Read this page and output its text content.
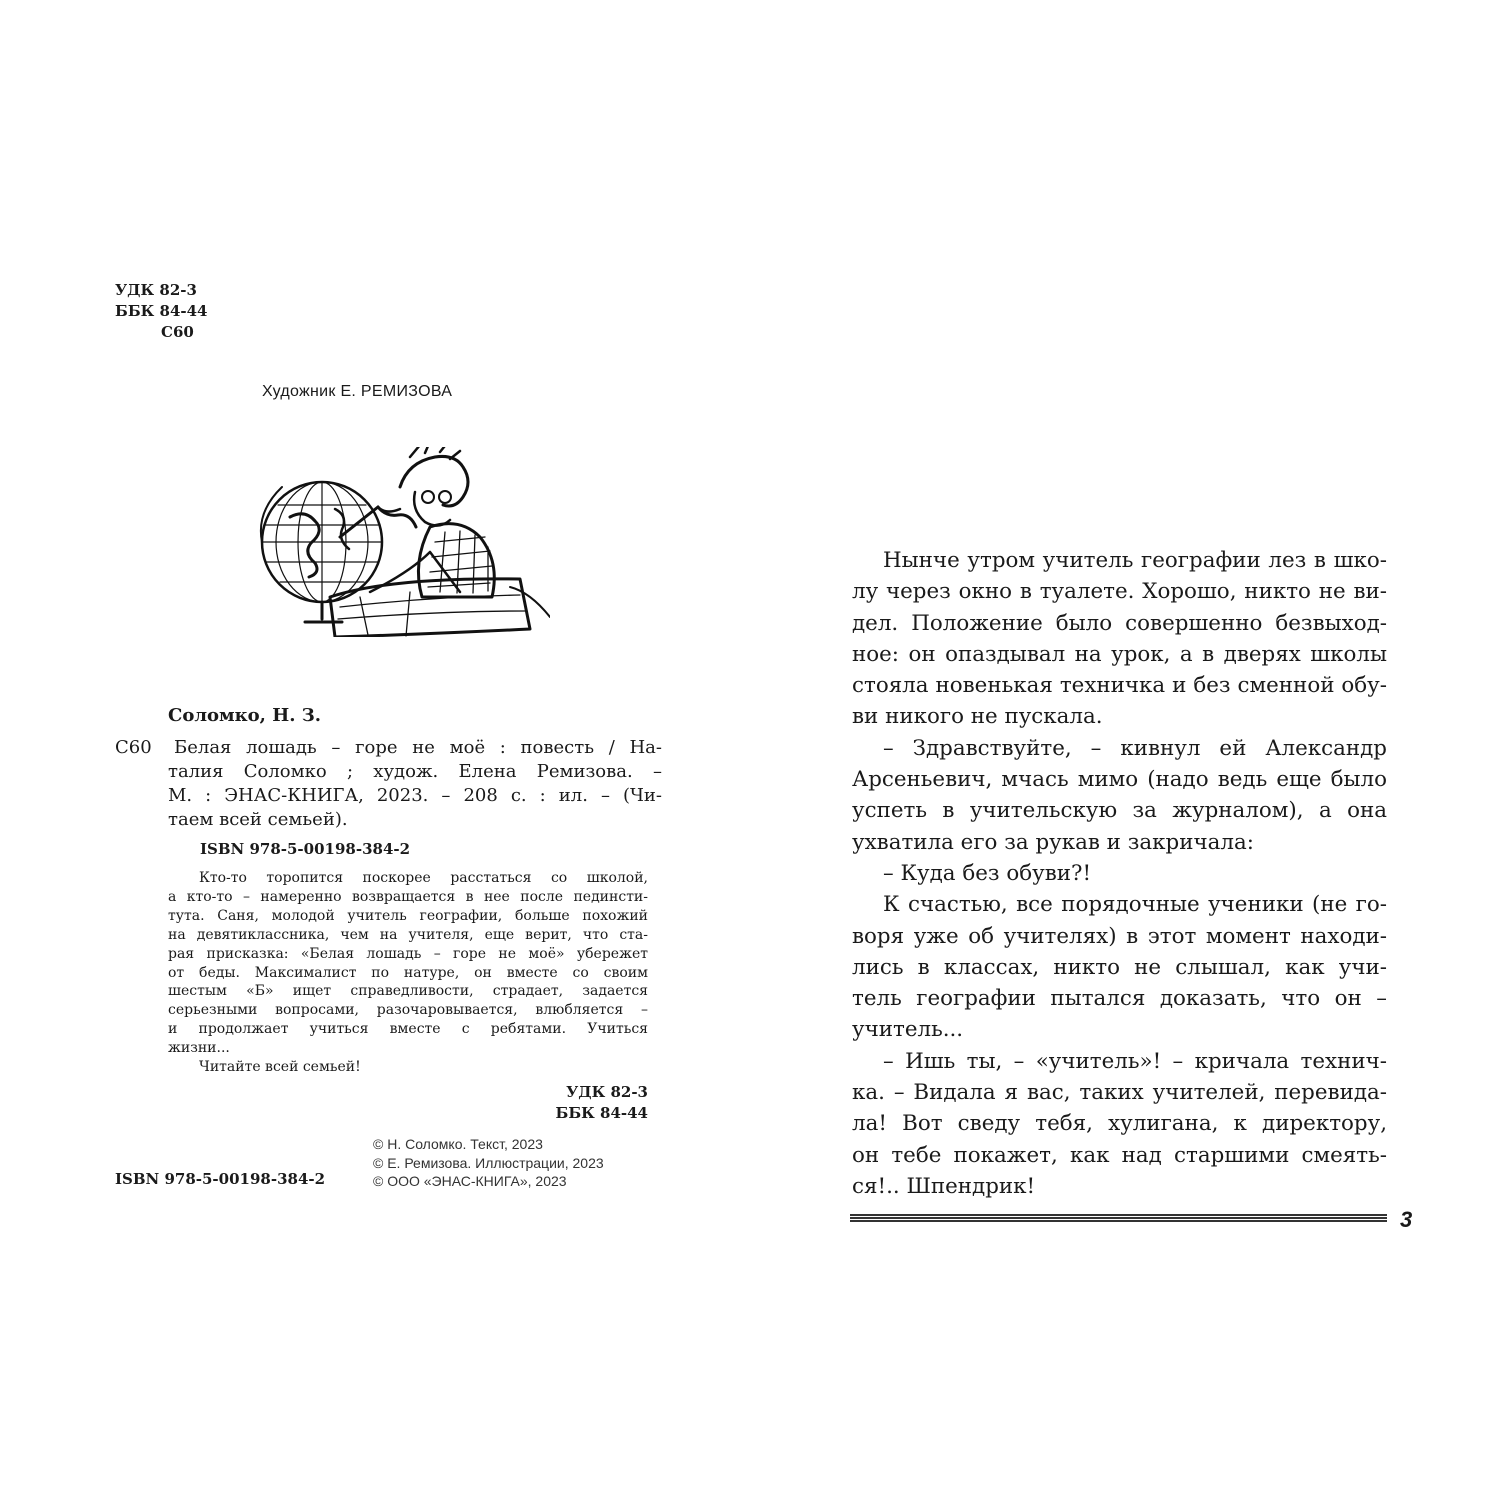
УДК 82-3
ББК 84-44
С60
Художник Е. РЕМИЗОВА
Соломко, Н. З.
С60 Белая лошадь – горе не моё : повесть / На-
талия Соломко ; худож. Елена Ремизова. –
М. : ЭНАС-КНИГА, 2023. – 208 с. : ил. – (Чи-
таем всей семьей).
ISBN 978-5-00198-384-2
Кто-то торопится поскорее расстаться со школой,
а кто-то – намеренно возвращается в нее после пединсти-
тута. Саня, молодой учитель географии, больше похожий
на девятиклассника, чем на учителя, еще верит, что ста-
рая присказка: «Белая лошадь – горе не моё» убережет
от беды. Максималист по натуре, он вместе со своим
шестым «Б» ищет справедливости, страдает, задается
серьезными вопросами, разочаровывается, влюбляется –
и продолжает учиться вместе с ребятами. Учиться
жизни...
Читайте всей семьей!
УДК 82-3
ББК 84-44
© Н. Соломко. Текст, 2023
© Е. Ремизова. Иллюстрации, 2023
© ООО «ЭНАС-КНИГА», 2023
ISBN 978-5-00198-384-2
Нынче утром учитель географии лез в шко-
лу через окно в туалете. Хорошо, никто не ви-
дел. Положение было совершенно безвыход-
ное: он опаздывал на урок, а в дверях школы
стояла новенькая техничка и без сменной обу-
ви никого не пускала.
– Здравствуйте, – кивнул ей Александр
Арсеньевич, мчась мимо (надо ведь еще было
успеть в учительскую за журналом), а она
ухватила его за рукав и закричала:
– Куда без обуви?!
К счастью, все порядочные ученики (не го-
воря уже об учителях) в этот момент находи-
лись в классах, никто не слышал, как учи-
тель географии пытался доказать, что он –
учитель...
– Ишь ты, – «учитель»! – кричала технич-
ка. – Видала я вас, таких учителей, перевида-
ла! Вот сведу тебя, хулигана, к директору,
он тебе покажет, как над старшими смеять-
ся!.. Шпендрик!
3
